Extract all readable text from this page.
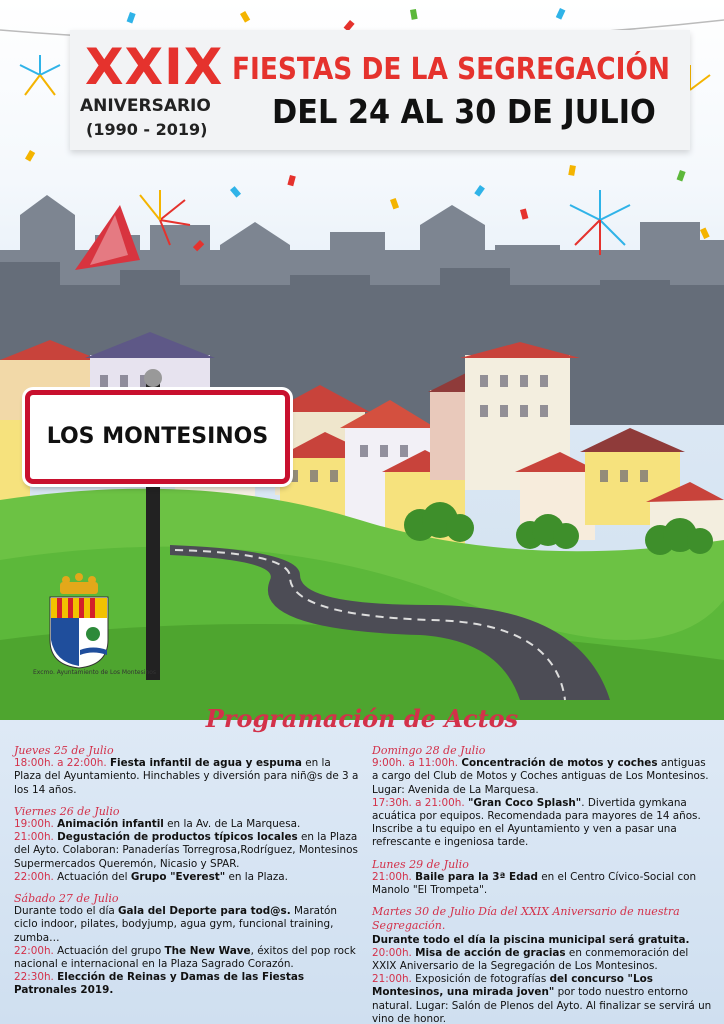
XXIX
ANIVERSARIO
(1990 - 2019)
FIESTAS DE LA SEGREGACIÓN
DEL 24 AL 30 DE JULIO
LOS MONTESINOS
Excmo. Ayuntamiento de Los Montesinos
Programación de Actos
Jueves 25 de Julio
18:00h. a 22:00h. Fiesta infantil de agua y espuma en la Plaza del Ayuntamiento. Hinchables y diversión para niñ@s de 3 a los 14 años.
Viernes 26 de Julio
19:00h. Animación infantil en la Av. de La Marquesa.
21:00h. Degustación de productos típicos locales en la Plaza del Ayto. Colaboran: Panaderías Torregrosa,Rodríguez, Montesinos Supermercados Queremón, Nicasio y SPAR.
22:00h. Actuación del Grupo "Everest" en la Plaza.
Sábado 27 de Julio
Durante todo el día Gala del Deporte para tod@s. Maratón ciclo indoor, pilates, bodyjump, agua gym, funcional training, zumba…
22:00h. Actuación del grupo The New Wave, éxitos del pop rock nacional e internacional en la Plaza Sagrado Corazón.
22:30h. Elección de Reinas y Damas de las Fiestas Patronales 2019.
Domingo 28 de Julio
9:00h. a 11:00h. Concentración de motos y coches antiguas a cargo del Club de Motos y Coches antiguas de Los Montesinos. Lugar: Avenida de La Marquesa.
17:30h. a 21:00h. "Gran Coco Splash". Divertida gymkana acuática por equipos. Recomendada para mayores de 14 años. Inscribe a tu equipo en el Ayuntamiento y ven a pasar una refrescante e ingeniosa tarde.
Lunes 29 de Julio
21:00h. Baile para la 3ª Edad en el Centro Cívico-Social con Manolo "El Trompeta".
Martes 30 de Julio Día del XXIX Aniversario de nuestra Segregación.
Durante todo el día la piscina municipal será gratuita.
20:00h. Misa de acción de gracias en conmemoración del XXIX Aniversario de la Segregación de Los Montesinos.
21:00h. Exposición de fotografías del concurso "Los Montesinos, una mirada joven" por todo nuestro entorno natural. Lugar: Salón de Plenos del Ayto. Al finalizar se servirá un vino de honor.
